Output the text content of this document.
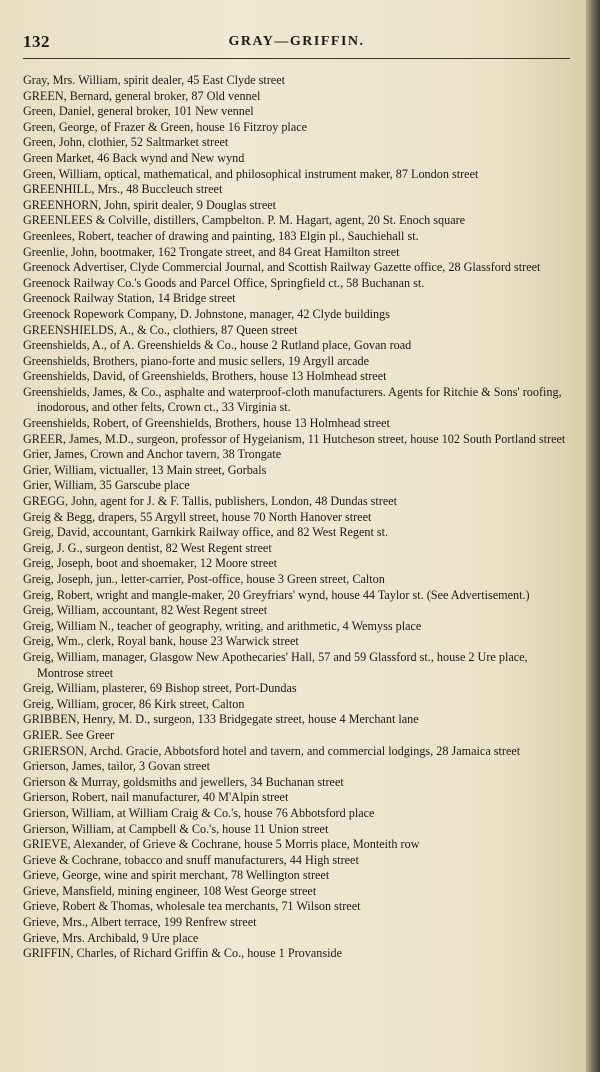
132	GRAY—GRIFFIN.
Gray, Mrs. William, spirit dealer, 45 East Clyde street
GREEN, Bernard, general broker, 87 Old vennel
Green, Daniel, general broker, 101 New vennel
Green, George, of Frazer & Green, house 16 Fitzroy place
Green, John, clothier, 52 Saltmarket street
Green Market, 46 Back wynd and New wynd
Green, William, optical, mathematical, and philosophical instrument maker, 87 London street
GREENHILL, Mrs., 48 Buccleuch street
GREENHORN, John, spirit dealer, 9 Douglas street
GREENLEES & Colville, distillers, Campbelton. P. M. Hagart, agent, 20 St. Enoch square
Greenlees, Robert, teacher of drawing and painting, 183 Elgin pl., Sauchiehall st.
Greenlie, John, bootmaker, 162 Trongate street, and 84 Great Hamilton street
Greenock Advertiser, Clyde Commercial Journal, and Scottish Railway Gazette office, 28 Glassford street
Greenock Railway Co.'s Goods and Parcel Office, Springfield ct., 58 Buchanan st.
Greenock Railway Station, 14 Bridge street
Greenock Ropework Company, D. Johnstone, manager, 42 Clyde buildings
GREENSHIELDS, A., & Co., clothiers, 87 Queen street
Greenshields, A., of A. Greenshields & Co., house 2 Rutland place, Govan road
Greenshields, Brothers, piano-forte and music sellers, 19 Argyll arcade
Greenshields, David, of Greenshields, Brothers, house 13 Holmhead street
Greenshields, James, & Co., asphalte and waterproof-cloth manufacturers. Agents for Ritchie & Sons' roofing, inodorous, and other felts, Crown ct., 33 Virginia st.
Greenshields, Robert, of Greenshields, Brothers, house 13 Holmhead street
GREER, James, M.D., surgeon, professor of Hygeianism, 11 Hutcheson street, house 102 South Portland street
Grier, James, Crown and Anchor tavern, 38 Trongate
Grier, William, victualler, 13 Main street, Gorbals
Grier, William, 35 Garscube place
GREGG, John, agent for J. & F. Tallis, publishers, London, 48 Dundas street
Greig & Begg, drapers, 55 Argyll street, house 70 North Hanover street
Greig, David, accountant, Garnkirk Railway office, and 82 West Regent st.
Greig, J. G., surgeon dentist, 82 West Regent street
Greig, Joseph, boot and shoemaker, 12 Moore street
Greig, Joseph, jun., letter-carrier, Post-office, house 3 Green street, Calton
Greig, Robert, wright and mangle-maker, 20 Greyfriars' wynd, house 44 Taylor st. (See Advertisement.)
Greig, William, accountant, 82 West Regent street
Greig, William N., teacher of geography, writing, and arithmetic, 4 Wemyss place
Greig, Wm., clerk, Royal bank, house 23 Warwick street
Greig, William, manager, Glasgow New Apothecaries' Hall, 57 and 59 Glassford st., house 2 Ure place, Montrose street
Greig, William, plasterer, 69 Bishop street, Port-Dundas
Greig, William, grocer, 86 Kirk street, Calton
GRIBBEN, Henry, M. D., surgeon, 133 Bridgegate street, house 4 Merchant lane
GRIER. See Greer
GRIERSON, Archd. Gracie, Abbotsford hotel and tavern, and commercial lodgings, 28 Jamaica street
Grierson, James, tailor, 3 Govan street
Grierson & Murray, goldsmiths and jewellers, 34 Buchanan street
Grierson, Robert, nail manufacturer, 40 M'Alpin street
Grierson, William, at William Craig & Co.'s, house 76 Abbotsford place
Grierson, William, at Campbell & Co.'s, house 11 Union street
GRIEVE, Alexander, of Grieve & Cochrane, house 5 Morris place, Monteith row
Grieve & Cochrane, tobacco and snuff manufacturers, 44 High street
Grieve, George, wine and spirit merchant, 78 Wellington street
Grieve, Mansfield, mining engineer, 108 West George street
Grieve, Robert & Thomas, wholesale tea merchants, 71 Wilson street
Grieve, Mrs., Albert terrace, 199 Renfrew street
Grieve, Mrs. Archibald, 9 Ure place
GRIFFIN, Charles, of Richard Griffin & Co., house 1 Provanside
